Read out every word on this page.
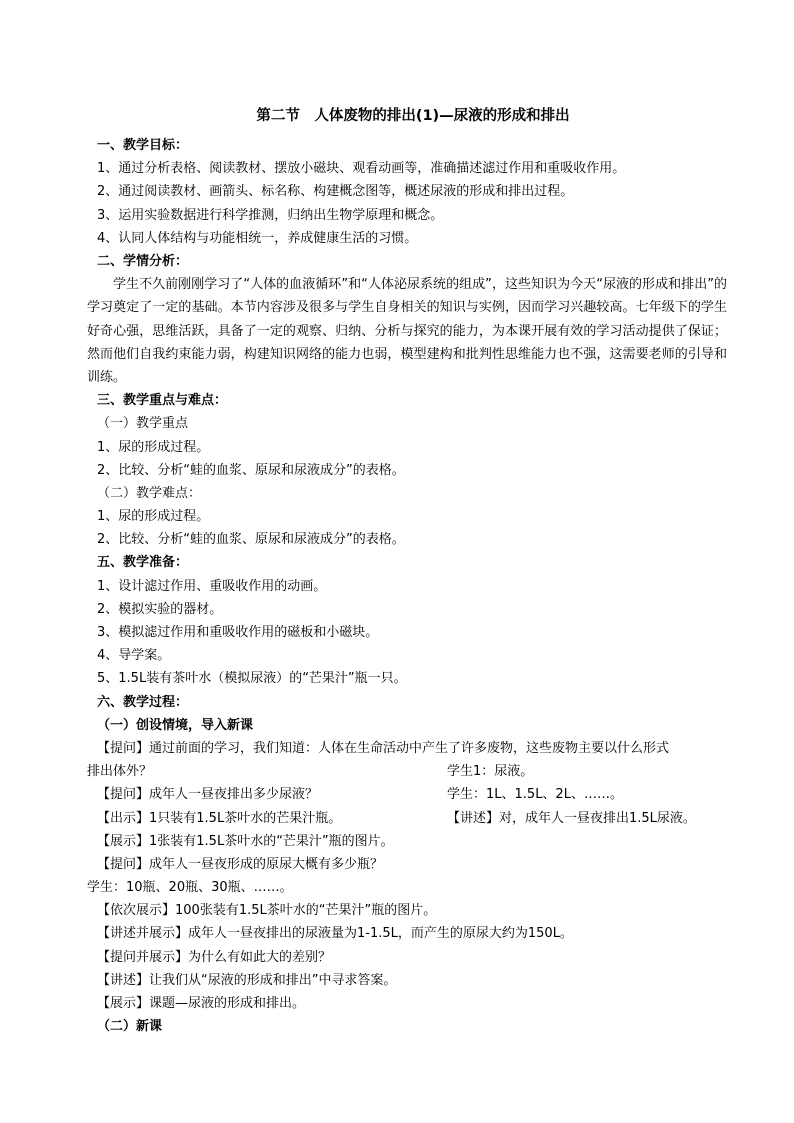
第二节　人体废物的排出(1)—尿液的形成和排出
一、教学目标：
1、通过分析表格、阅读教材、摆放小磁块、观看动画等，准确描述滤过作用和重吸收作用。
2、通过阅读教材、画箭头、标名称、构建概念图等，概述尿液的形成和排出过程。
3、运用实验数据进行科学推测，归纳出生物学原理和概念。
4、认同人体结构与功能相统一，养成健康生活的习惯。
二、学情分析：
学生不久前刚刚学习了“人体的血液循环”和“人体泌尿系统的组成”，这些知识为今天“尿液的形成和排出”的学习奠定了一定的基础。本节内容涉及很多与学生自身相关的知识与实例，因而学习兴趣较高。七年级下的学生好奇心强，思维活跃，具备了一定的观察、归纳、分析与探究的能力，为本课开展有效的学习活动提供了保证；然而他们自我约束能力弱，构建知识网络的能力也弱，模型建构和批判性思维能力也不强，这需要老师的引导和训练。
三、教学重点与难点：
（一）教学重点
1、尿的形成过程。
2、比较、分析“蛙的血浆、原尿和尿液成分”的表格。
（二）教学难点：
1、尿的形成过程。
2、比较、分析“蛙的血浆、原尿和尿液成分”的表格。
五、教学准备：
1、设计滤过作用、重吸收作用的动画。
2、模拟实验的器材。
3、模拟滤过作用和重吸收作用的磁板和小磁块。
4、导学案。
5、1.5L装有茶叶水（模拟尿液）的“芒果汁”瓶一只。
六、教学过程：
（一）创设情境，导入新课
【提问】通过前面的学习，我们知道：人体在生命活动中产生了许多废物，这些废物主要以什么形式
排出体外？	学生1：尿液。
【提问】成年人一昼夜排出多少尿液？	学生：1L、1.5L、2L、……。
【出示】1只装有1.5L茶叶水的芒果汁瓶。	【讲述】对，成年人一昼夜排出1.5L尿液。
【展示】1张装有1.5L茶叶水的“芒果汁”瓶的图片。
【提问】成年人一昼夜形成的原尿大概有多少瓶？
学生：10瓶、20瓶、30瓶、……。
【依次展示】100张装有1.5L茶叶水的“芒果汁”瓶的图片。
【讲述并展示】成年人一昼夜排出的尿液量为1-1.5L，而产生的原尿大约为150L。
【提问并展示】为什么有如此大的差别？
【讲述】让我们从“尿液的形成和排出”中寻求答案。
【展示】课题—尿液的形成和排出。
（二）新课
